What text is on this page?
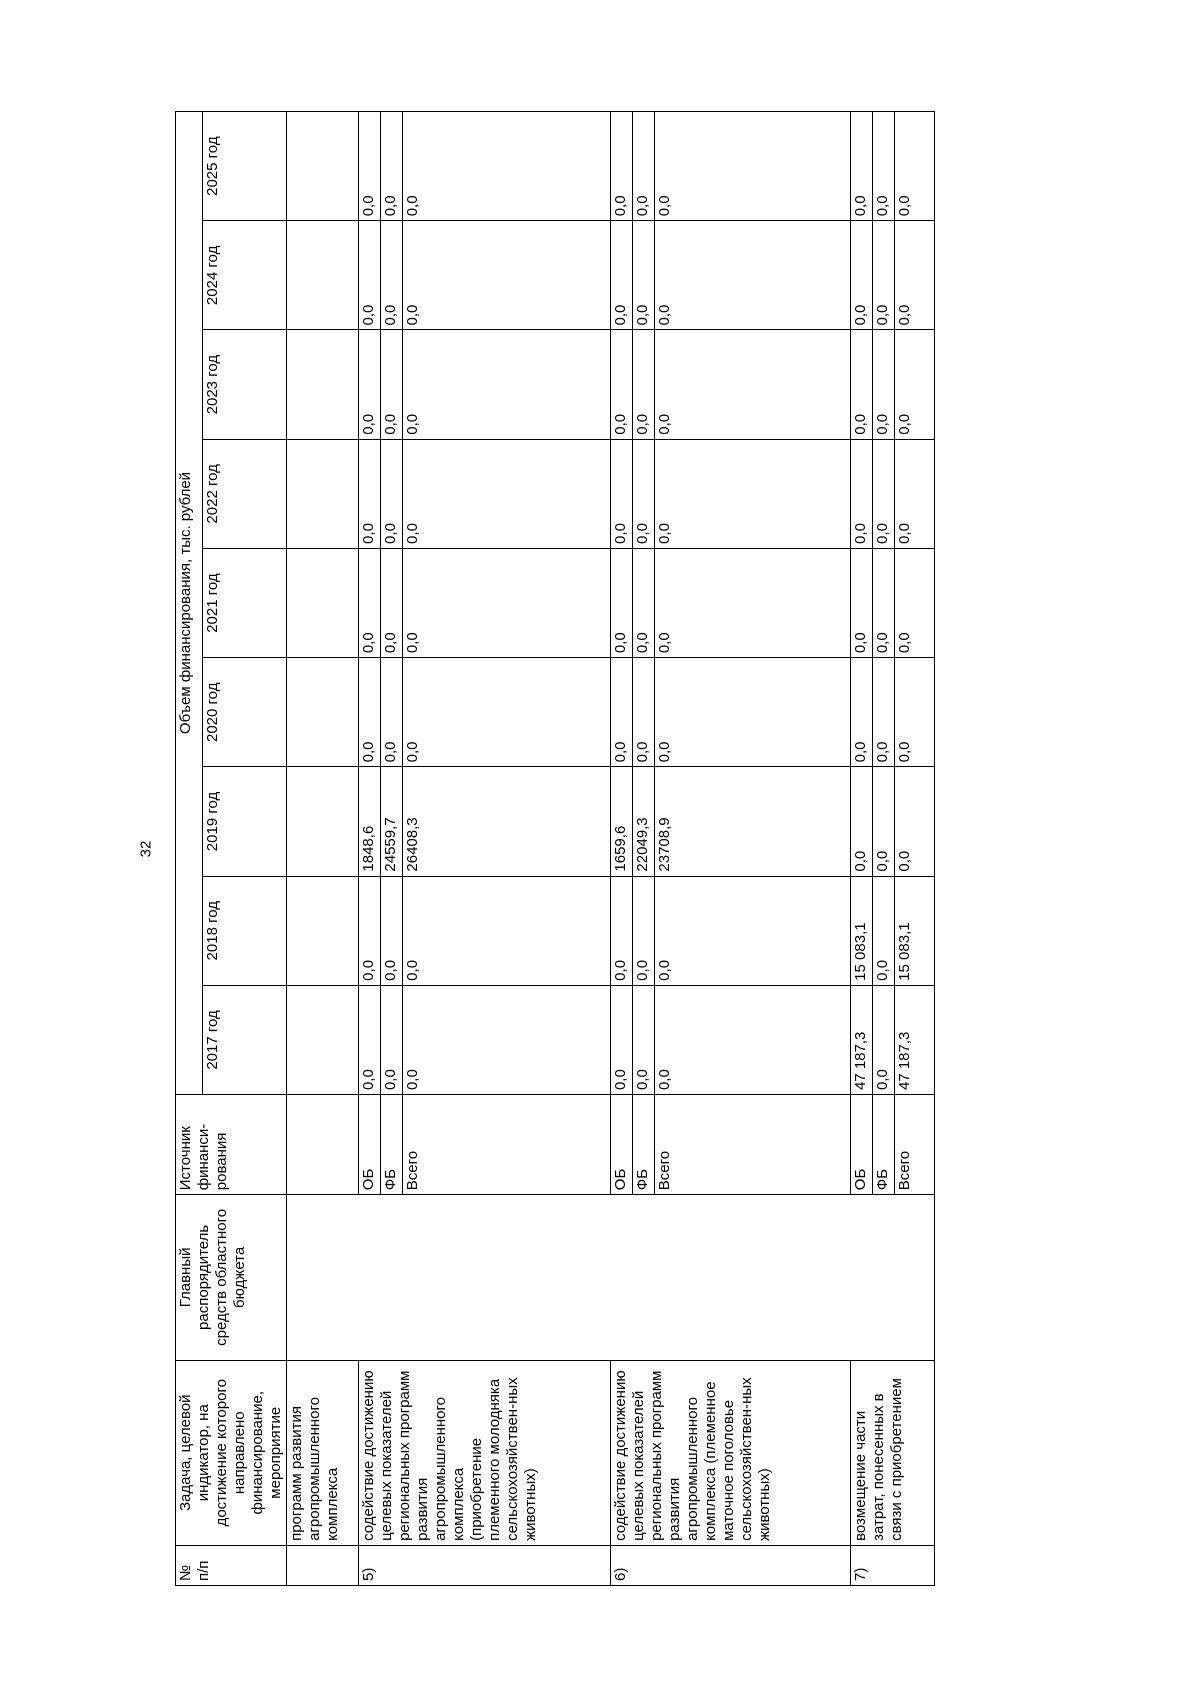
32
№ п/п	Задача, целевой индикатор, на достижение которого направлено финансирование, мероприятие	Главный распорядитель средств областного бюджета	Источник финанси-рования	Объем финансирования, тыс. рублей								
				2017 год	2018 год	2019 год	2020 год	2021 год	2022 год	2023 год	2024 год	2025 год
	программ развития агропромышленного комплекса											
5)	содействие достижению целевых показателей региональных программ развития агропромышленного комплекса (приобретение племенного молодняка сельскохозяйствен-ных животных)		ОБ	0,0	0,0	1848,6	0,0	0,0	0,0	0,0	0,0	0,0
			ФБ	0,0	0,0	24559,7	0,0	0,0	0,0	0,0	0,0	0,0
			Всего	0,0	0,0	26408,3	0,0	0,0	0,0	0,0	0,0	0,0
6)	содействие достижению целевых показателей региональных программ развития агропромышленного комплекса (племенное маточное поголовье сельскохозяйствен-ных животных)		ОБ	0,0	0,0	1659,6	0,0	0,0	0,0	0,0	0,0	0,0
			ФБ	0,0	0,0	22049,3	0,0	0,0	0,0	0,0	0,0	0,0
			Всего	0,0	0,0	23708,9	0,0	0,0	0,0	0,0	0,0	0,0
7)	возмещение части затрат, понесенных в связи с приобретением		ОБ	47 187,3	15 083,1	0,0	0,0	0,0	0,0	0,0	0,0	0,0
			ФБ	0,0	0,0	0,0	0,0	0,0	0,0	0,0	0,0	0,0
			Всего	47 187,3	15 083,1	0,0	0,0	0,0	0,0	0,0	0,0	0,0
